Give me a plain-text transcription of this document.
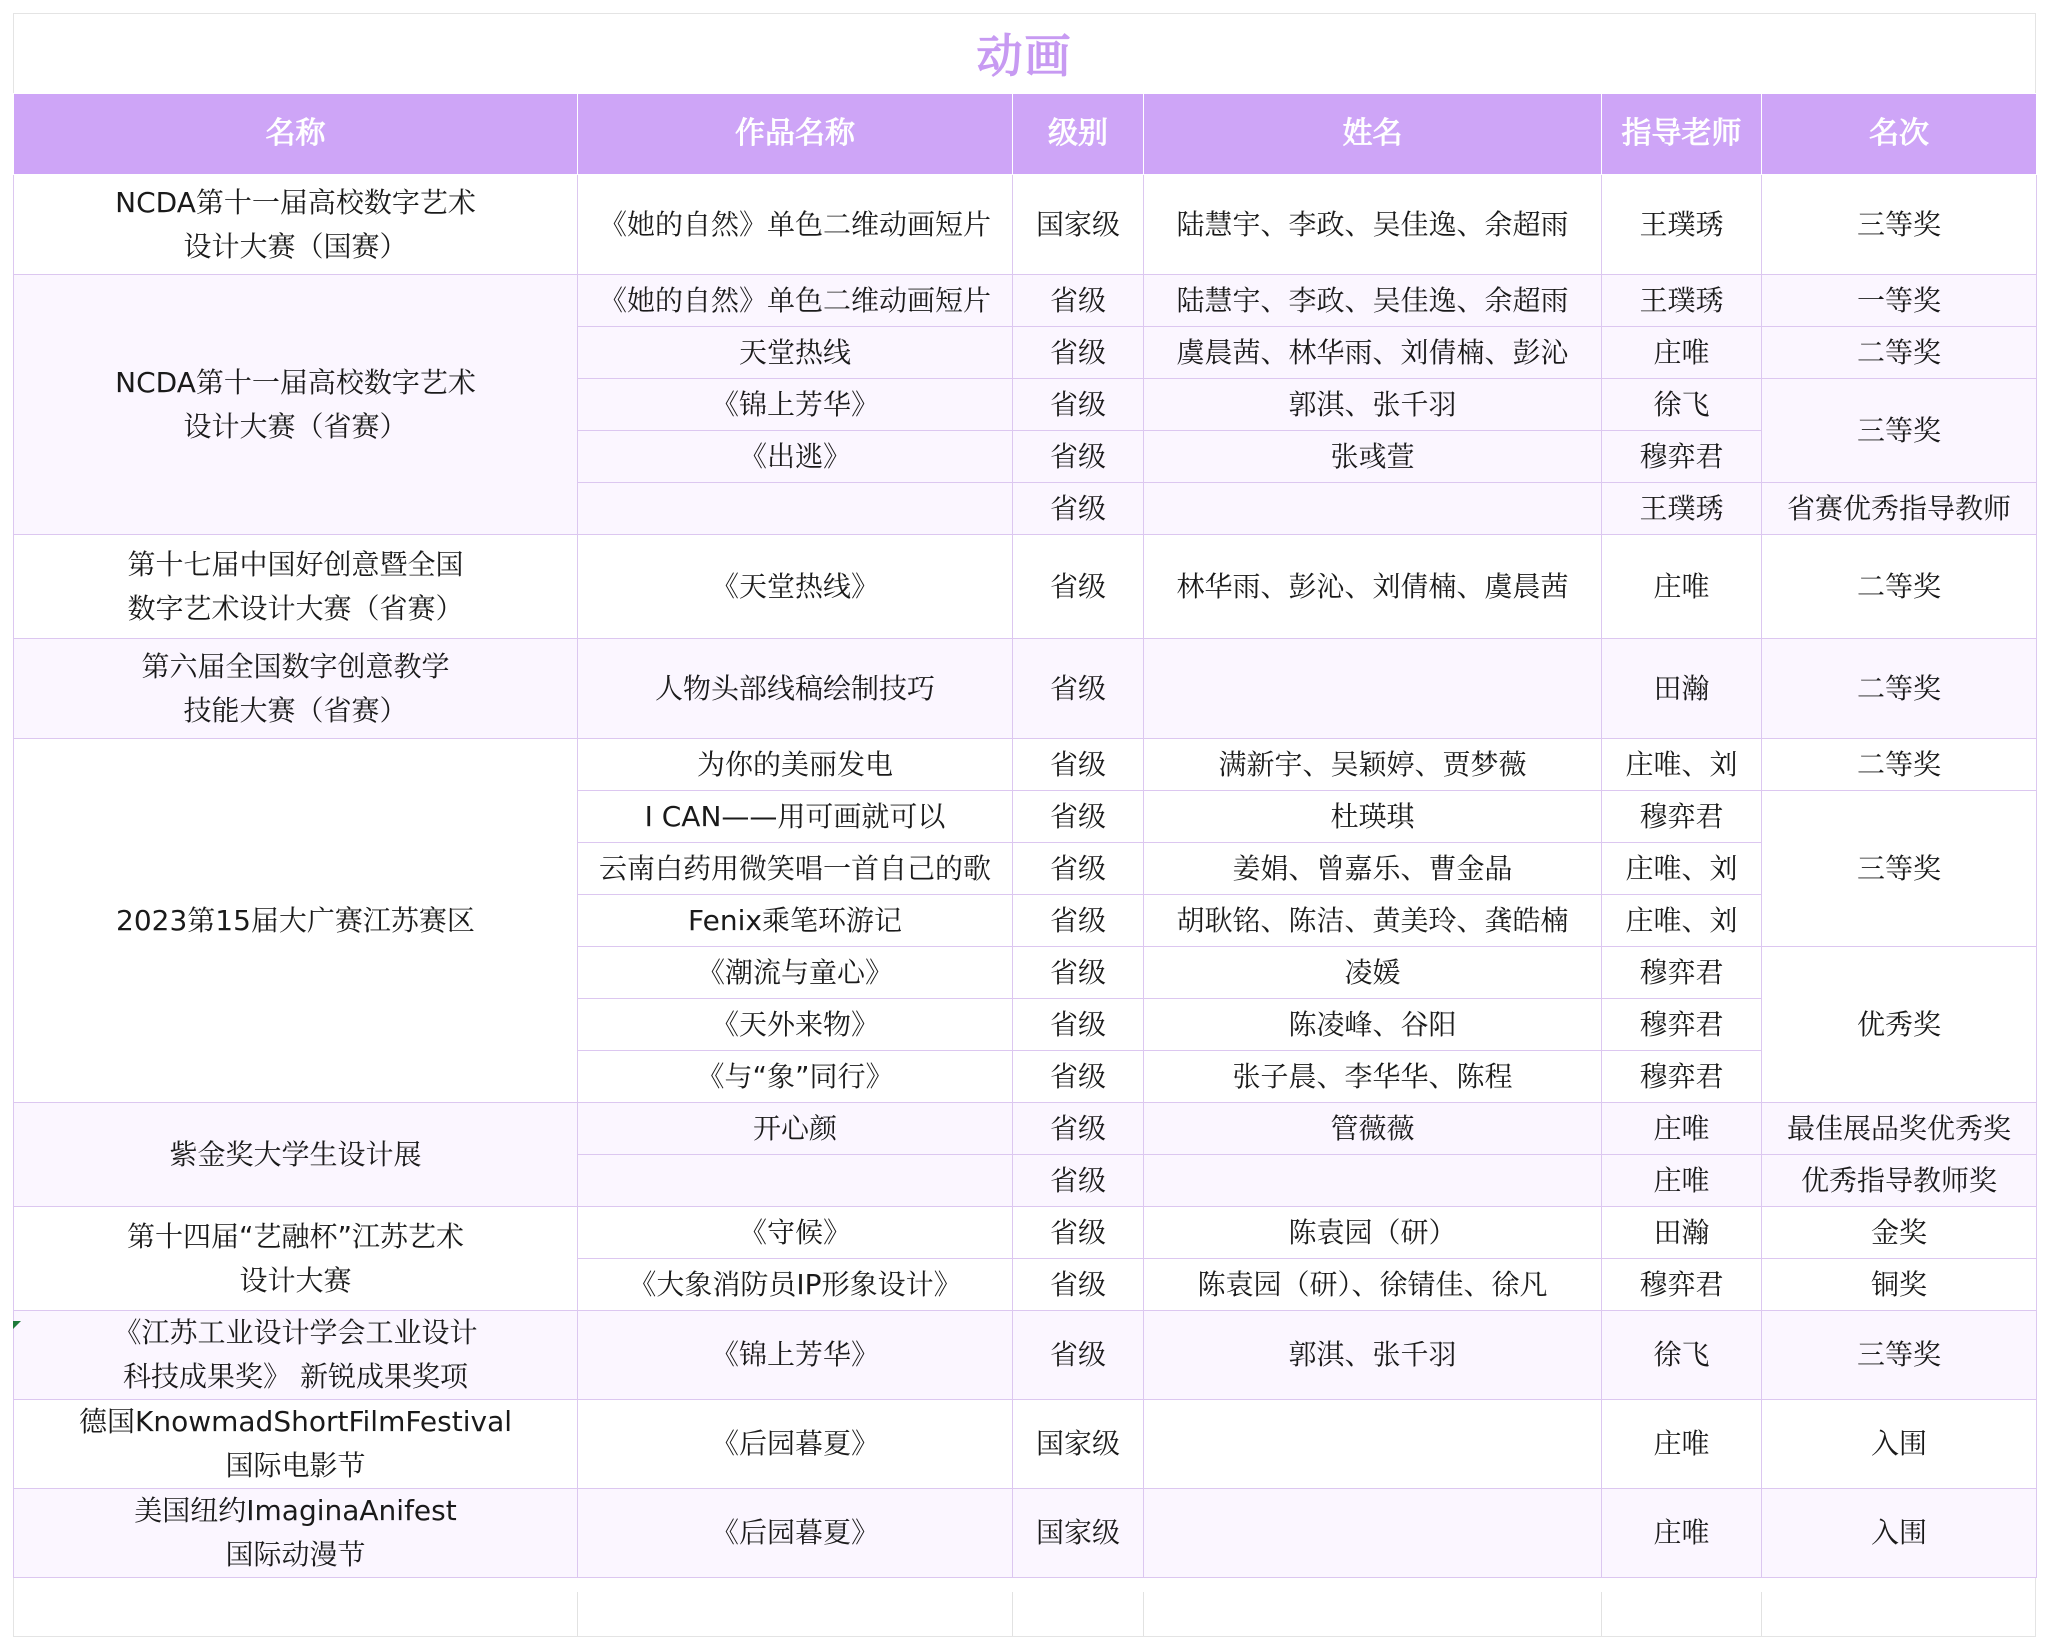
动画
名称	作品名称	级别	姓名	指导老师	名次

NCDA第十一届高校数字艺术
设计大赛（国赛）	《她的自然》单色二维动画短片	国家级	陆慧宇、李政、吴佳逸、余超雨	王璞琇	三等奖

NCDA第十一届高校数字艺术
设计大赛（省赛）	《她的自然》单色二维动画短片	省级	陆慧宇、李政、吴佳逸、余超雨	王璞琇	一等奖
	天堂热线	省级	虞晨茜、林华雨、刘倩楠、彭沁	庄唯	二等奖
	《锦上芳华》	省级	郭淇、张千羽	徐飞	三等奖
	《出逃》	省级	张彧萱	穆弈君	
		省级		王璞琇	省赛优秀指导教师

第十七届中国好创意暨全国
数字艺术设计大赛（省赛）	《天堂热线》	省级	林华雨、彭沁、刘倩楠、虞晨茜	庄唯	二等奖

第六届全国数字创意教学
技能大赛（省赛）	人物头部线稿绘制技巧	省级		田瀚	二等奖
2023第15届大广赛江苏赛区	为你的美丽发电	省级	满新宇、吴颖婷、贾梦薇	庄唯、刘	二等奖
	I CAN——用可画就可以	省级	杜瑛琪	穆弈君	三等奖
	云南白药用微笑唱一首自己的歌	省级	姜娟、曾嘉乐、曹金晶	庄唯、刘	
	Fenix乘笔环游记	省级	胡耿铭、陈洁、黄美玲、龚皓楠	庄唯、刘	
	《潮流与童心》	省级	凌媛	穆弈君	优秀奖
	《天外来物》	省级	陈凌峰、谷阳	穆弈君	
	《与“象”同行》	省级	张子晨、李华华、陈程	穆弈君	
紫金奖大学生设计展	开心颜	省级	管薇薇	庄唯	最佳展品奖优秀奖
		省级		庄唯	优秀指导教师奖

第十四届“艺融杯”江苏艺术
设计大赛	《守候》	省级	陈袁园（研）	田瀚	金奖
	《大象消防员IP形象设计》	省级	陈袁园（研）、徐锖佳、徐凡	穆弈君	铜奖

《江苏工业设计学会工业设计
科技成果奖》 新锐成果奖项	《锦上芳华》	省级	郭淇、张千羽	徐飞	三等奖

德国KnowmadShortFilmFestival
国际电影节	《后园暮夏》	国家级		庄唯	入围

美国纽约ImaginaAnifest
国际动漫节	《后园暮夏》	国家级		庄唯	入围
